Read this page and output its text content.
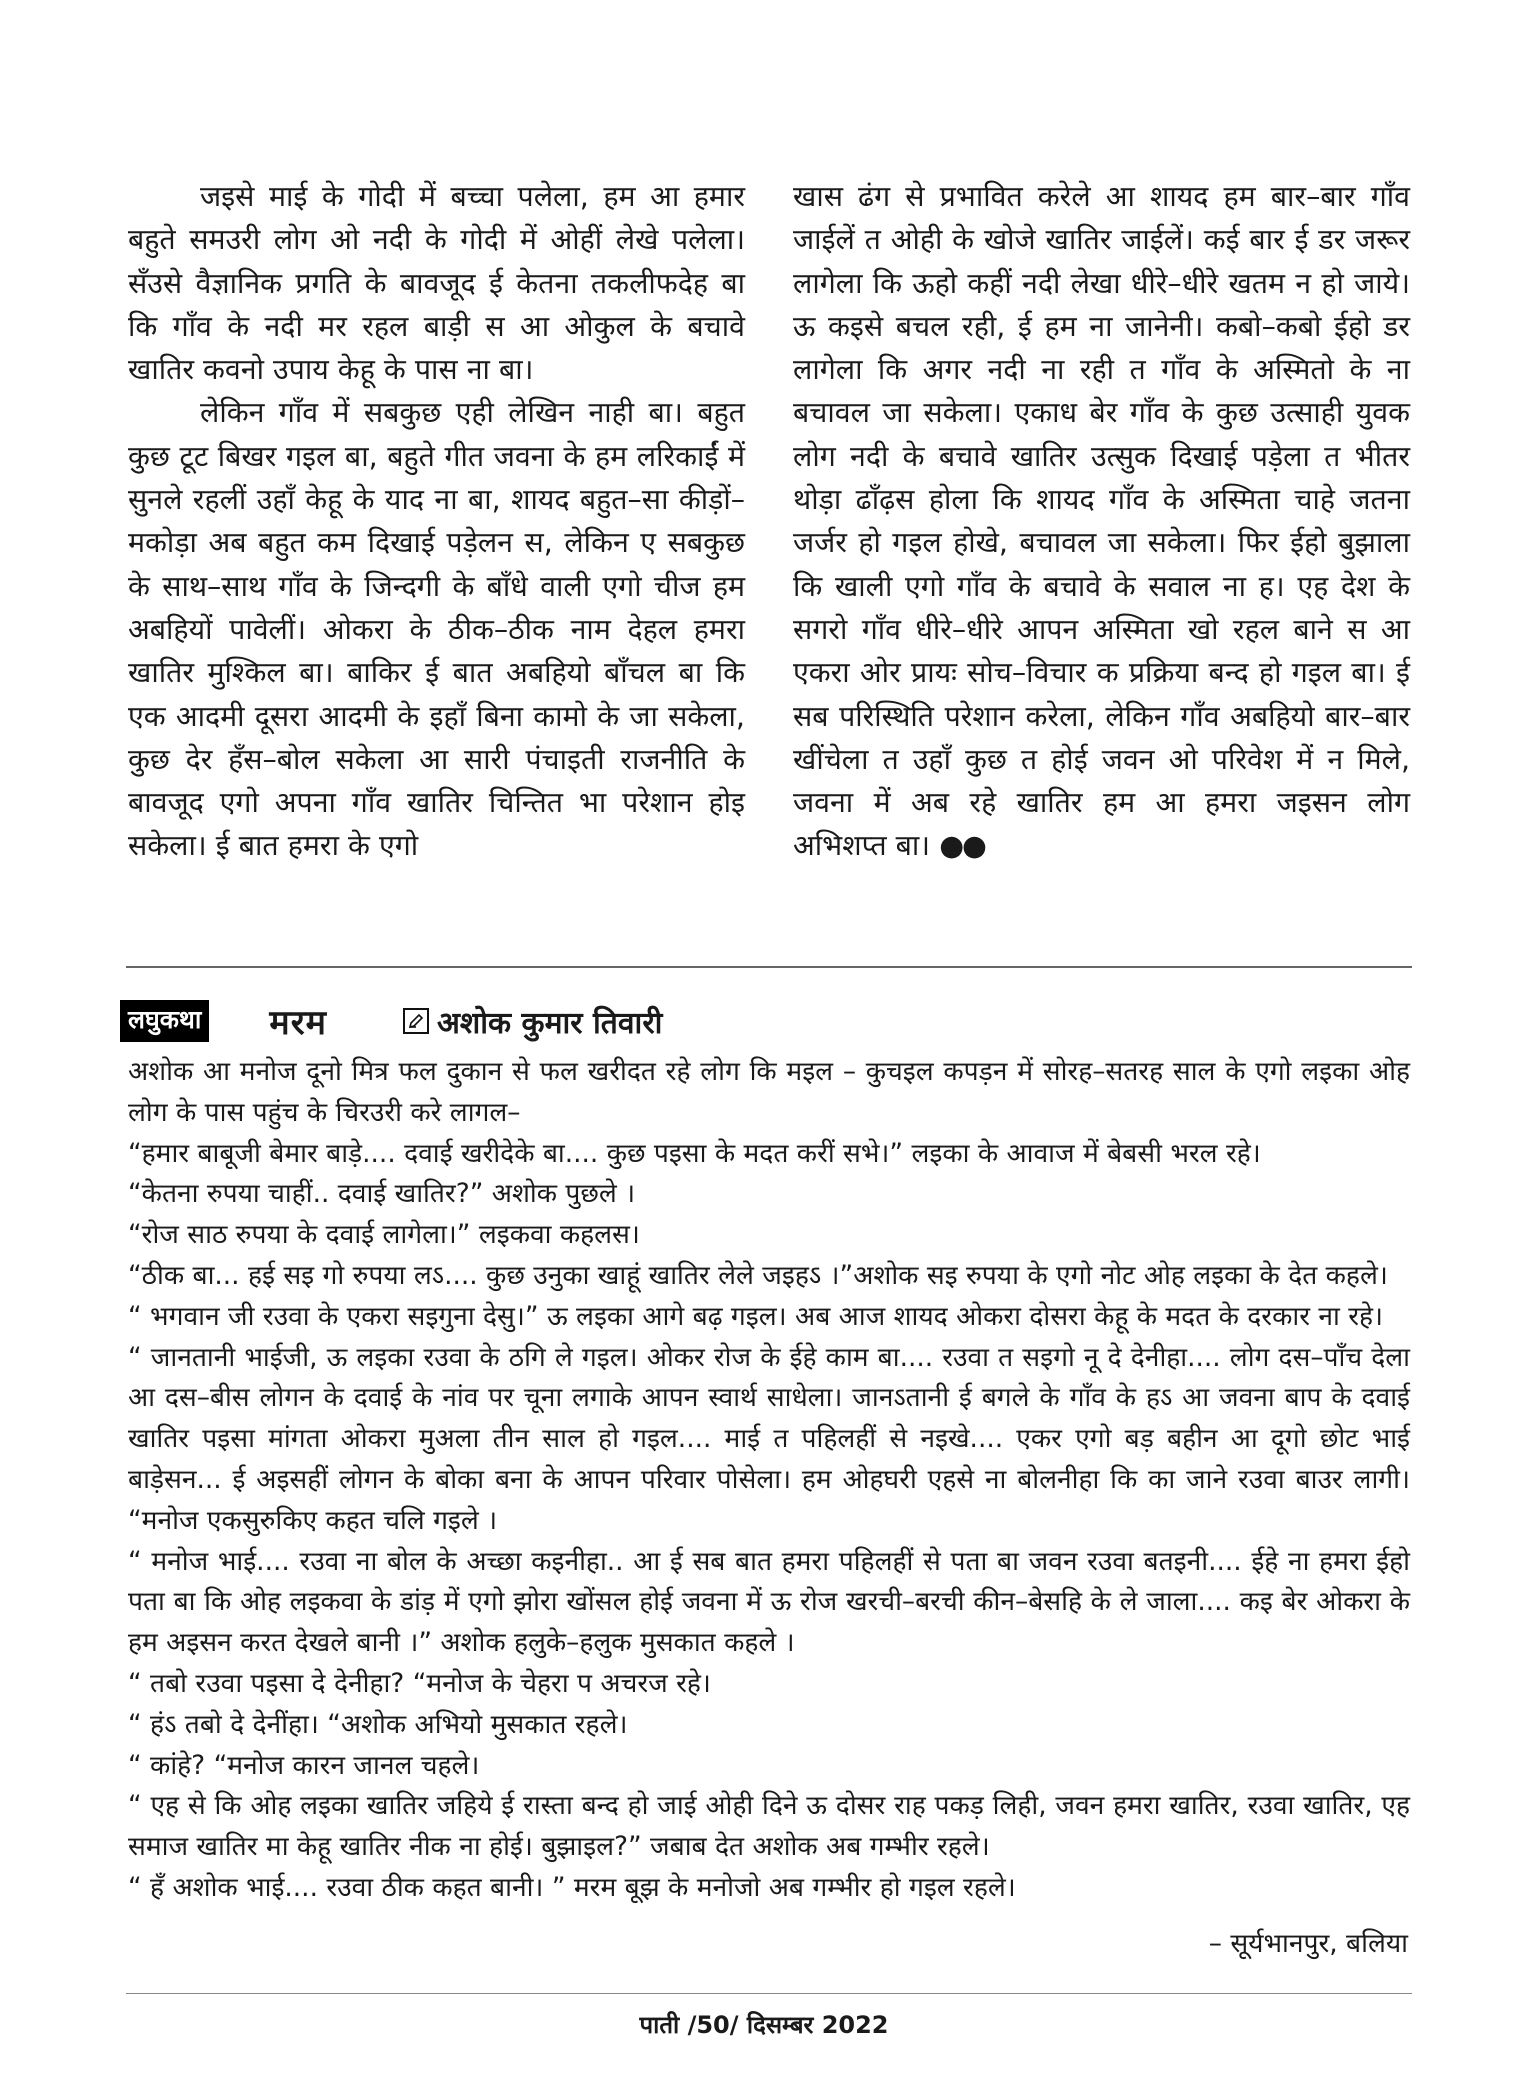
जइसे माई के गोदी में बच्चा पलेला, हम आ हमार बहुते समउरी लोग ओ नदी के गोदी में ओहीं लेखे पलेला। सँउसे वैज्ञानिक प्रगति के बावजूद ई केतना तकलीफदेह बा कि गाँव के नदी मर रहल बाड़ी स आ ओकुल के बचावे खातिर कवनो उपाय केहू के पास ना बा।

लेकिन गाँव में सबकुछ एही लेखिन नाही बा। बहुत कुछ टूट बिखर गइल बा, बहुते गीत जवना के हम लरिकाईं में सुनले रहलीं उहाँ केहू के याद ना बा, शायद बहुत–सा कीड़ों–मकोड़ा अब बहुत कम दिखाई पड़ेलन स, लेकिन ए सबकुछ के साथ–साथ गाँव के जिन्दगी के बाँधे वाली एगो चीज हम अबहियों पावेलीं। ओकरा के ठीक–ठीक नाम देहल हमरा खातिर मुश्किल बा। बाकिर ई बात अबहियो बाँचल बा कि एक आदमी दूसरा आदमी के इहाँ बिना कामो के जा सकेला, कुछ देर हँस–बोल सकेला आ सारी पंचाइती राजनीति के बावजूद एगो अपना गाँव खातिर चिन्तित भा परेशान होइ सकेला। ई बात हमरा के एगो

खास ढंग से प्रभावित करेले आ शायद हम बार–बार गाँव जाईलें त ओही के खोजे खातिर जाईलें। कई बार ई डर जरूर लागेला कि ऊहो कहीं नदी लेखा धीरे–धीरे खतम न हो जाये। ऊ कइसे बचल रही, ई हम ना जानेनी। कबो–कबो ईहो डर लागेला कि अगर नदी ना रही त गाँव के अस्मितो के ना बचावल जा सकेला। एकाध बेर गाँव के कुछ उत्साही युवक लोग नदी के बचावे खातिर उत्सुक दिखाई पड़ेला त भीतर थोड़ा ढाँढ़स होला कि शायद गाँव के अस्मिता चाहे जतना जर्जर हो गइल होखे, बचावल जा सकेला। फिर ईहो बुझाला कि खाली एगो गाँव के बचावे के सवाल ना ह। एह देश के सगरो गाँव धीरे–धीरे आपन अस्मिता खो रहल बाने स आ एकरा ओर प्रायः सोच–विचार क प्रक्रिया बन्द हो गइल बा। ई सब परिस्थिति परेशान करेला, लेकिन गाँव अबहियो बार–बार खींचेला त उहाँ कुछ त होई जवन ओ परिवेश में न मिले, जवना में अब रहे खातिर हम आ हमरा जइसन लोग अभिशप्त बा। ●●

लघुकथा मरम	अशोक कुमार तिवारी

अशोक आ मनोज दूनो मित्र फल दुकान से फल खरीदत रहे लोग कि मइल – कुचइल कपड़न में सोरह–सतरह साल के एगो लइका ओह लोग के पास पहुंच के चिरउरी करे लागल–

“हमार बाबूजी बेमार बाड़े.... दवाई खरीदेके बा.... कुछ पइसा के मदत करीं सभे।” लइका के आवाज में बेबसी भरल रहे।

“केतना रुपया चाहीं.. दवाई खातिर?” अशोक पुछले ।

“रोज साठ रुपया के दवाई लागेला।” लइकवा कहलस।

“ठीक बा... हई सइ गो रुपया लऽ.... कुछ उनुका खाहूं खातिर लेले जइहऽ ।”अशोक सइ रुपया के एगो नोट ओह लइका के देत कहले।

“ भगवान जी रउवा के एकरा सइगुना देसु।” ऊ लइका आगे बढ़ गइल। अब आज शायद ओकरा दोसरा केहू के मदत के दरकार ना रहे।

“ जानतानी भाईजी, ऊ लइका रउवा के ठगि ले गइल। ओकर रोज के ईहे काम बा.... रउवा त सइगो नू दे देनीहा.... लोग दस–पाँच देला आ दस–बीस लोगन के दवाई के नांव पर चूना लगाके आपन स्वार्थ साधेला। जानऽतानी ई बगले के गाँव के हऽ आ जवना बाप के दवाई खातिर पइसा मांगता ओकरा मुअला तीन साल हो गइल.... माई त पहिलहीं से नइखे.... एकर एगो बड़ बहीन आ दूगो छोट भाई बाड़ेसन... ई अइसहीं लोगन के बोका बना के आपन परिवार पोसेला। हम ओहघरी एहसे ना बोलनीहा कि का जाने रउवा बाउर लागी। “मनोज एकसुरुकिए कहत चलि गइले ।

“ मनोज भाई.... रउवा ना बोल के अच्छा कइनीहा.. आ ई सब बात हमरा पहिलहीं से पता बा जवन रउवा बतइनी.... ईहे ना हमरा ईहो पता बा कि ओह लइकवा के डांड़ में एगो झोरा खोंसल होई जवना में ऊ रोज खरची–बरची कीन–बेसहि के ले जाला.... कइ बेर ओकरा के हम अइसन करत देखले बानी ।” अशोक हलुके–हलुक मुसकात कहले ।

“ तबो रउवा पइसा दे देनीहा? “मनोज के चेहरा प अचरज रहे।

“ हंऽ तबो दे देनींहा। “अशोक अभियो मुसकात रहले।

“ कांहे? “मनोज कारन जानल चहले।

“ एह से कि ओह लइका खातिर जहिये ई रास्ता बन्द हो जाई ओही दिने ऊ दोसर राह पकड़ लिही, जवन हमरा खातिर, रउवा खातिर, एह समाज खातिर मा केहू खातिर नीक ना होई। बुझाइल?” जबाब देत अशोक अब गम्भीर रहले।

“ हँ अशोक भाई.... रउवा ठीक कहत बानी। ” मरम बूझ के मनोजो अब गम्भीर हो गइल रहले।

– सूर्यभानपुर, बलिया
पाती /50/ दिसम्बर 2022
